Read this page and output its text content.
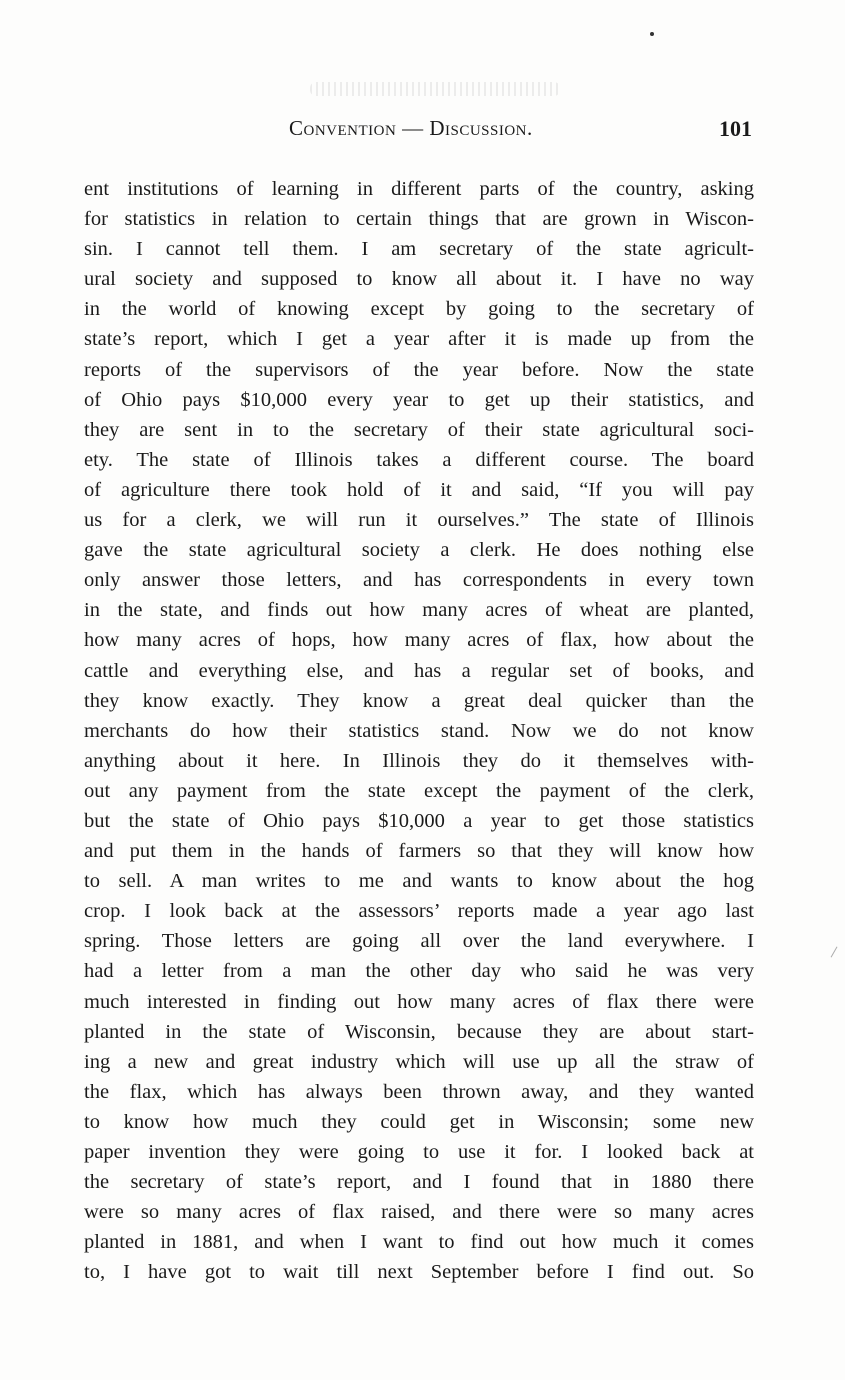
Convention — Discussion.	101
ent institutions of learning in different parts of the country, asking
for statistics in relation to certain things that are grown in Wiscon-
sin. I cannot tell them. I am secretary of the state agricult-
ural society and supposed to know all about it. I have no way
in the world of knowing except by going to the secretary of
state’s report, which I get a year after it is made up from the
reports of the supervisors of the year before. Now the state
of Ohio pays $10,000 every year to get up their statistics, and
they are sent in to the secretary of their state agricultural soci-
ety. The state of Illinois takes a different course. The board
of agriculture there took hold of it and said, “If you will pay
us for a clerk, we will run it ourselves.” The state of Illinois
gave the state agricultural society a clerk. He does nothing else
only answer those letters, and has correspondents in every town
in the state, and finds out how many acres of wheat are planted,
how many acres of hops, how many acres of flax, how about the
cattle and everything else, and has a regular set of books, and
they know exactly. They know a great deal quicker than the
merchants do how their statistics stand. Now we do not know
anything about it here. In Illinois they do it themselves with-
out any payment from the state except the payment of the clerk,
but the state of Ohio pays $10,000 a year to get those statistics
and put them in the hands of farmers so that they will know how
to sell. A man writes to me and wants to know about the hog
crop. I look back at the assessors’ reports made a year ago last
spring. Those letters are going all over the land everywhere. I
had a letter from a man the other day who said he was very
much interested in finding out how many acres of flax there were
planted in the state of Wisconsin, because they are about start-
ing a new and great industry which will use up all the straw of
the flax, which has always been thrown away, and they wanted
to know how much they could get in Wisconsin; some new
paper invention they were going to use it for. I looked back at
the secretary of state’s report, and I found that in 1880 there
were so many acres of flax raised, and there were so many acres
planted in 1881, and when I want to find out how much it comes
to, I have got to wait till next September before I find out. So
